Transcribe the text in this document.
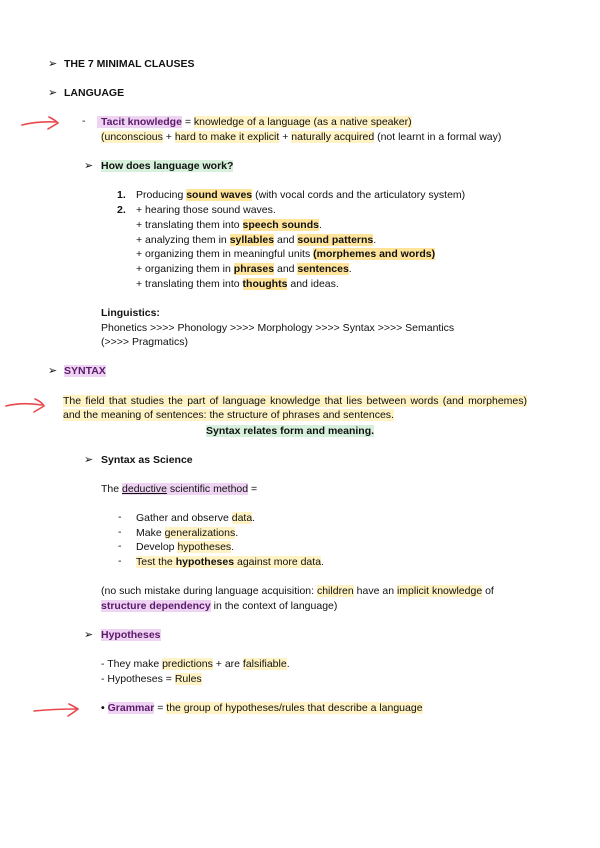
➢ THE 7 MINIMAL CLAUSES
➢ LANGUAGE
-	Tacit knowledge = knowledge of a language (as a native speaker)
(unconscious + hard to make it explicit + naturally acquired (not learnt in a formal way)
➢ How does language work?
1. Producing sound waves (with vocal cords and the articulatory system)
2. + hearing those sound waves.
+ translating them into speech sounds.
+ analyzing them in syllables and sound patterns.
+ organizing them in meaningful units (morphemes and words)
+ organizing them in phrases and sentences.
+ translating them into thoughts and ideas.
Linguistics:
Phonetics >>>> Phonology >>>> Morphology >>>> Syntax >>>> Semantics
(>>>> Pragmatics)
➢ SYNTAX
The field that studies the part of language knowledge that lies between words (and morphemes) and the meaning of sentences: the structure of phrases and sentences.
Syntax relates form and meaning.
➢ Syntax as Science
The deductive scientific method =
- Gather and observe data.
- Make generalizations.
- Develop hypotheses.
- Test the hypotheses against more data.
(no such mistake during language acquisition: children have an implicit knowledge of
structure dependency in the context of language)
➢ Hypotheses
- They make predictions + are falsifiable.
- Hypotheses = Rules
• Grammar = the group of hypotheses/rules that describe a language
